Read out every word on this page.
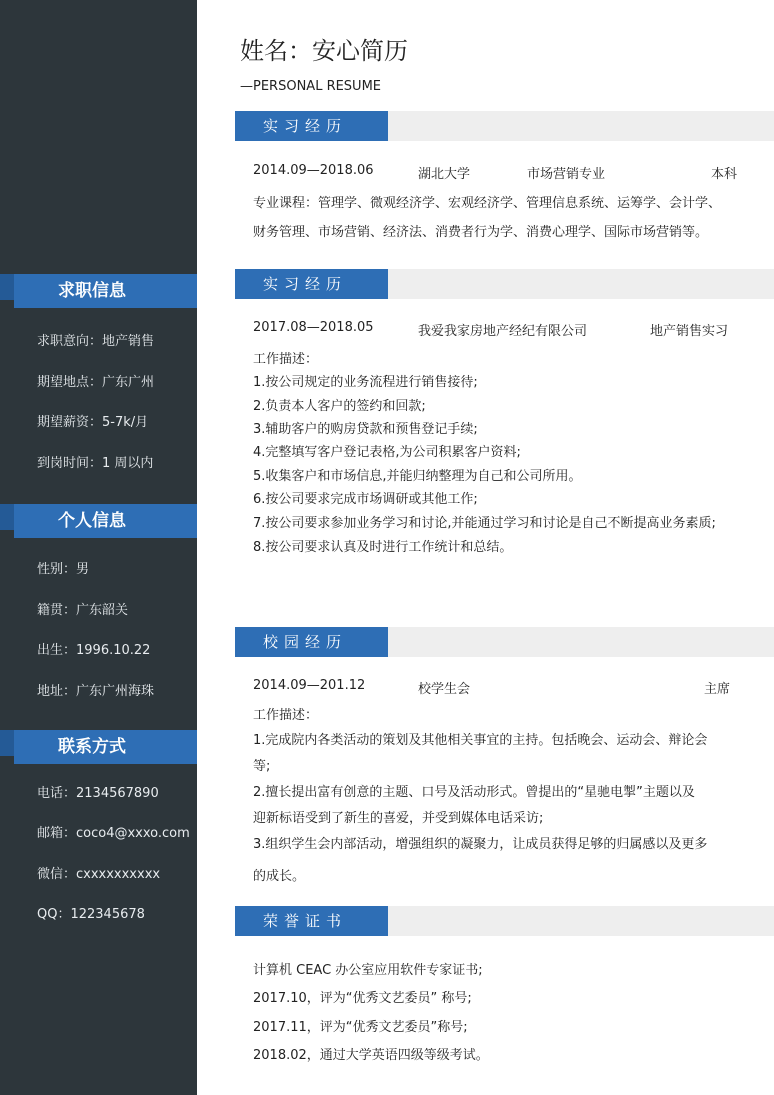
求职信息
求职意向：地产销售
期望地点：广东广州
期望薪资：5-7k/月
到岗时间：1 周以内
个人信息
性别：男
籍贯：广东韶关
出生：1996.10.22
地址：广东广州海珠
联系方式
电话：2134567890
邮箱：coco4@xxxo.com
微信：cxxxxxxxxxx
QQ：122345678
姓名：安心简历
—PERSONAL RESUME
实习经历
2014.09—2018.06	湖北大学	市场营销专业	本科
专业课程：管理学、微观经济学、宏观经济学、管理信息系统、运筹学、会计学、
财务管理、市场营销、经济法、消费者行为学、消费心理学、国际市场营销等。
实习经历
2017.08—2018.05	我爱我家房地产经纪有限公司	地产销售实习
工作描述：
1.按公司规定的业务流程进行销售接待;
2.负责本人客户的签约和回款;
3.辅助客户的购房贷款和预售登记手续;
4.完整填写客户登记表格,为公司积累客户资料;
5.收集客户和市场信息,并能归纳整理为自己和公司所用。
6.按公司要求完成市场调研或其他工作;
7.按公司要求参加业务学习和讨论,并能通过学习和讨论是自己不断提高业务素质;
8.按公司要求认真及时进行工作统计和总结。
校园经历
2014.09—201.12	校学生会	主席
工作描述：
1.完成院内各类活动的策划及其他相关事宜的主持。包括晚会、运动会、辩论会
等;
2.擅长提出富有创意的主题、口号及活动形式。曾提出的“星驰电掣”主题以及
迎新标语受到了新生的喜爱，并受到媒体电话采访;
3.组织学生会内部活动，增强组织的凝聚力，让成员获得足够的归属感以及更多
的成长。
荣誉证书
计算机 CEAC 办公室应用软件专家证书;
2017.10，评为“优秀文艺委员” 称号;
2017.11，评为“优秀文艺委员”称号;
2018.02，通过大学英语四级等级考试。
